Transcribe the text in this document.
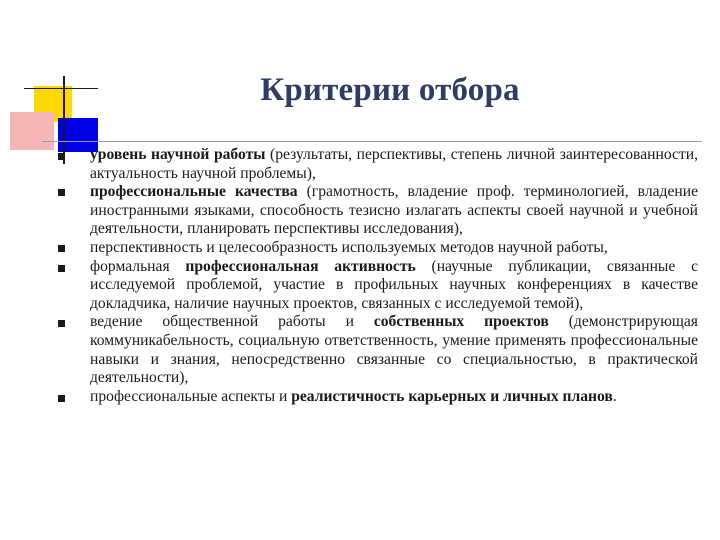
Критерии отбора
уровень научной работы (результаты, перспективы, степень личной заинтересованности, актуальность научной проблемы),
профессиональные качества (грамотность, владение проф. терминологией, владение иностранными языками, способность тезисно излагать аспекты своей научной и учебной деятельности, планировать перспективы исследования),
перспективность и целесообразность используемых методов научной работы,
формальная профессиональная активность (научные публикации, связанные с исследуемой проблемой, участие в профильных научных конференциях в качестве докладчика, наличие научных проектов, связанных с исследуемой темой),
ведение общественной работы и собственных проектов (демонстрирующая коммуникабельность, социальную ответственность, умение применять профессиональные навыки и знания, непосредственно связанные со специальностью, в практической деятельности),
профессиональные аспекты и реалистичность карьерных и личных планов.
